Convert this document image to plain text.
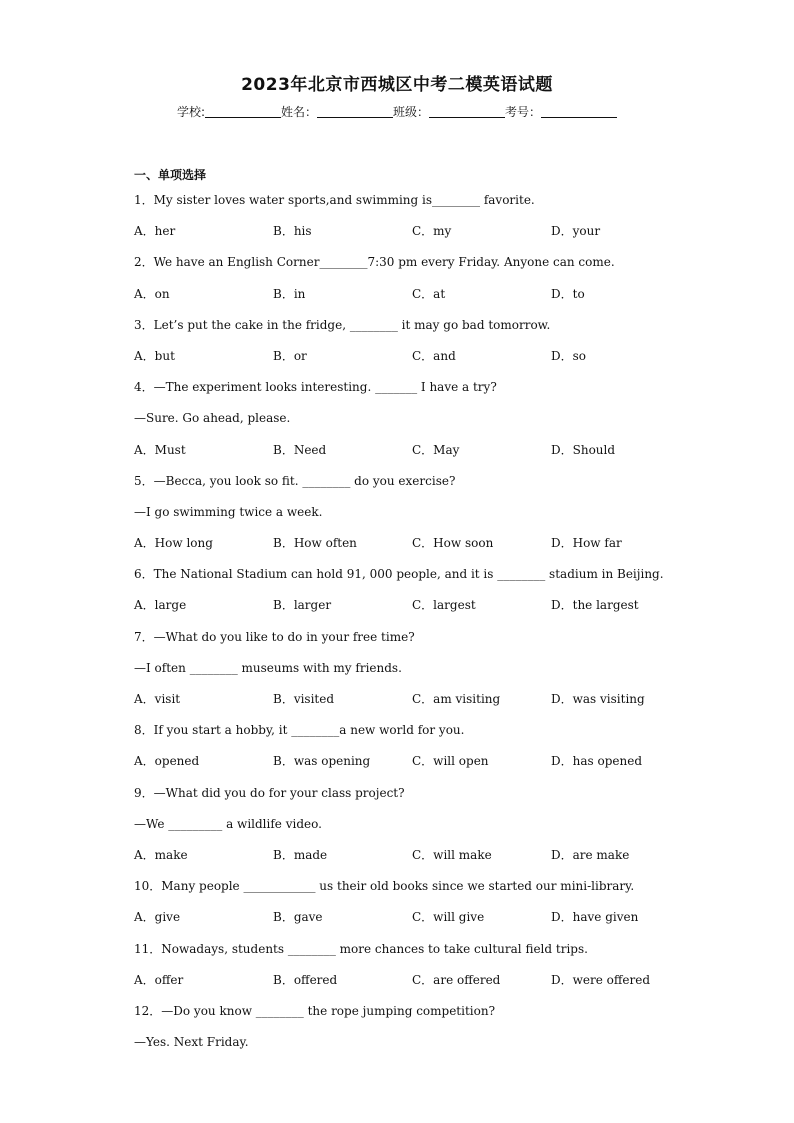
2023年北京市西城区中考二模英语试题
学校:	姓名：	班级：	考号：
一、单项选择
1．My sister loves water sports,and swimming is________ favorite.
A．her	B．his	C．my	D．your
2．We have an English Corner________7:30 pm every Friday. Anyone can come.
A．on	B．in	C．at	D．to
3．Let’s put the cake in the fridge, ________ it may go bad tomorrow.
A．but	B．or	C．and	D．so
4．—The experiment looks interesting. _______ I have a try?
—Sure. Go ahead, please.
A．Must	B．Need	C．May	D．Should
5．—Becca, you look so fit. ________ do you exercise?
—I go swimming twice a week.
A．How long	B．How often	C．How soon	D．How far
6．The National Stadium can hold 91, 000 people, and it is ________ stadium in Beijing.
A．large	B．larger	C．largest	D．the largest
7．—What do you like to do in your free time?
—I often ________ museums with my friends.
A．visit	B．visited	C．am visiting	D．was visiting
8．If you start a hobby, it ________a new world for you.
A．opened	B．was opening	C．will open	D．has opened
9．—What did you do for your class project?
—We _________ a wildlife video.
A．make	B．made	C．will make	D．are make
10．Many people ____________ us their old books since we started our mini-library.
A．give	B．gave	C．will give	D．have given
11．Nowadays, students ________ more chances to take cultural field trips.
A．offer	B．offered	C．are offered	D．were offered
12．—Do you know ________ the rope jumping competition?
—Yes. Next Friday.
